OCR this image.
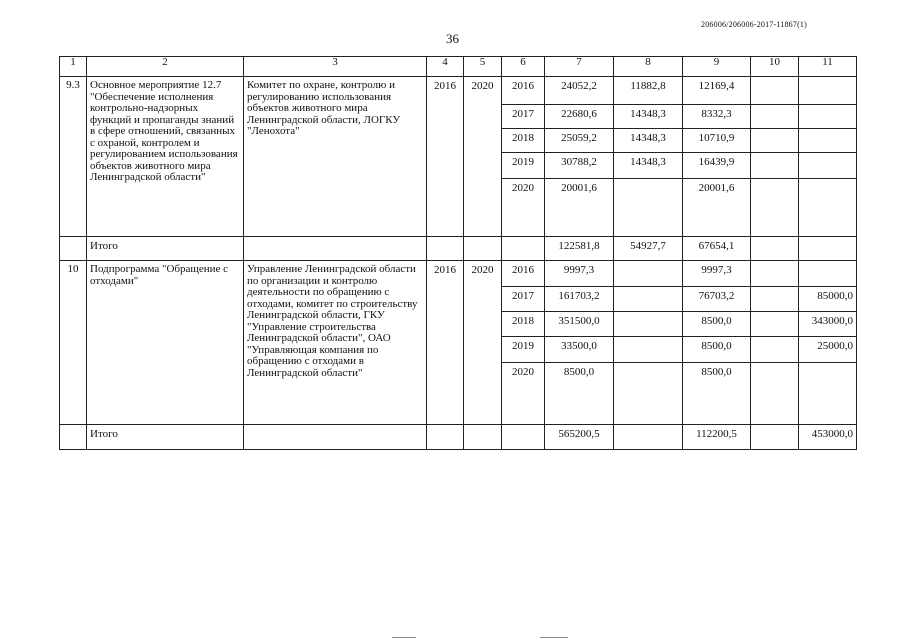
206006/206006-2017-11867(1)
36
1	2	3	4	5	6	7	8	9	10	11
9.3	Основное мероприятие 12.7 "Обеспечение исполнения контрольно-надзорных функций и пропаганды знаний в сфере отношений, связанных с охраной, контролем и регулированием использования объектов животного мира Ленинградской области"	Комитет по охране, контролю и регулированию использования объектов животного мира Ленинградской области, ЛОГКУ "Ленохота"	2016	2020	2016	24052,2	11882,8	12169,4		
					2017	22680,6	14348,3	8332,3		
					2018	25059,2	14348,3	10710,9		
					2019	30788,2	14348,3	16439,9		
					2020	20001,6		20001,6		
	Итого					122581,8	54927,7	67654,1		
10	Подпрограмма "Обращение с отходами"	Управление Ленинградской области по организации и контролю деятельности по обращению с отходами, комитет по строительству Ленинградской области, ГКУ "Управление строительства Ленинградской области", ОАО "Управляющая компания по обращению с отходами в Ленинградской области"	2016	2020	2016	9997,3		9997,3		
					2017	161703,2		76703,2		85000,0
					2018	351500,0		8500,0		343000,0
					2019	33500,0		8500,0		25000,0
					2020	8500,0		8500,0		
	Итого					565200,5		112200,5		453000,0
